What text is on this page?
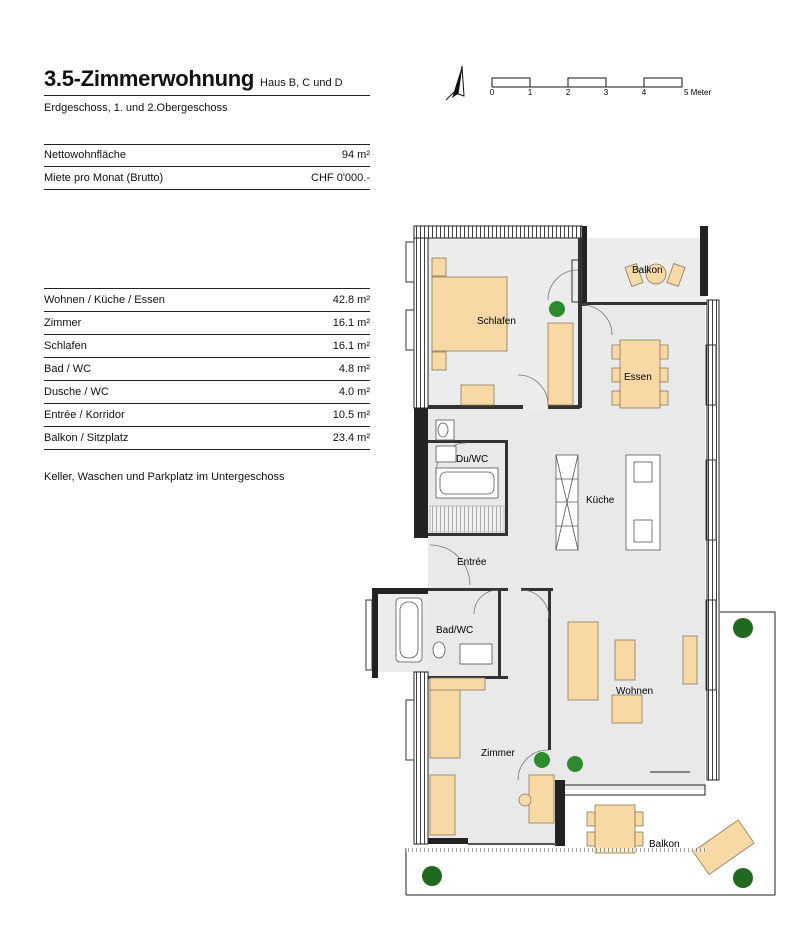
3.5-Zimmerwohnung Haus B, C und D
Erdgeschoss, 1. und 2.Obergeschoss
Nettowohnfläche	94 m²
Miete pro Monat (Brutto)	CHF 0'000.-
Wohnen / Küche / Essen	42.8 m²
Zimmer	16.1 m²
Schlafen	16.1 m²
Bad / WC	4.8 m²
Dusche / WC	4.0 m²
Entrée / Korridor	10.5 m²
Balkon / Sitzplatz	23.4 m²
Keller, Waschen und Parkplatz im Untergeschoss
0	1	2	3	4	5 Meter
Balkon
Schlafen
Essen
Du/WC
Küche
Entrée
Bad/WC
Wohnen
Zimmer
Balkon
